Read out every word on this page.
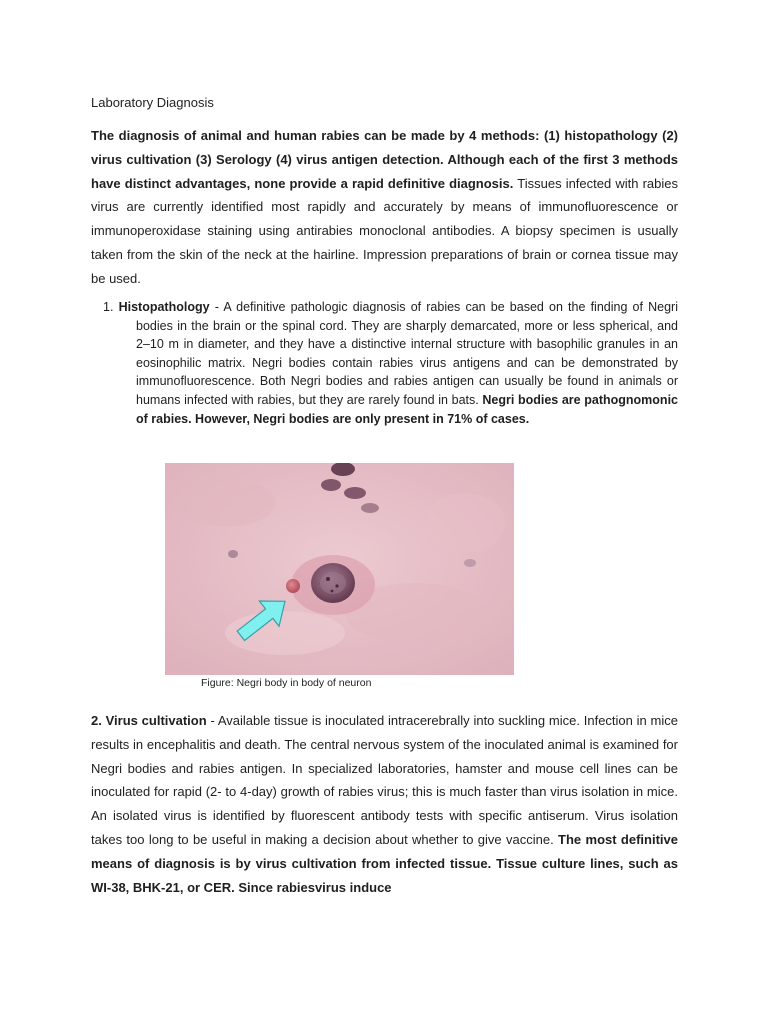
Laboratory Diagnosis
The diagnosis of animal and human rabies can be made by 4 methods: (1) histopathology (2) virus cultivation (3) Serology (4) virus antigen detection. Although each of the first 3 methods have distinct advantages, none provide a rapid definitive diagnosis. Tissues infected with rabies virus are currently identified most rapidly and accurately by means of immunofluorescence or immunoperoxidase staining using antirabies monoclonal antibodies. A biopsy specimen is usually taken from the skin of the neck at the hairline. Impression preparations of brain or cornea tissue may be used.
1. Histopathology - A definitive pathologic diagnosis of rabies can be based on the finding of Negri bodies in the brain or the spinal cord. They are sharply demarcated, more or less spherical, and 2–10 m in diameter, and they have a distinctive internal structure with basophilic granules in an eosinophilic matrix. Negri bodies contain rabies virus antigens and can be demonstrated by immunofluorescence. Both Negri bodies and rabies antigen can usually be found in animals or humans infected with rabies, but they are rarely found in bats. Negri bodies are pathognomonic of rabies. However, Negri bodies are only present in 71% of cases.
Figure: Negri body in body of neuron
2. Virus cultivation - Available tissue is inoculated intracerebrally into suckling mice. Infection in mice results in encephalitis and death. The central nervous system of the inoculated animal is examined for Negri bodies and rabies antigen. In specialized laboratories, hamster and mouse cell lines can be inoculated for rapid (2- to 4-day) growth of rabies virus; this is much faster than virus isolation in mice. An isolated virus is identified by fluorescent antibody tests with specific antiserum. Virus isolation takes too long to be useful in making a decision about whether to give vaccine. The most definitive means of diagnosis is by virus cultivation from infected tissue. Tissue culture lines, such as WI-38, BHK-21, or CER. Since rabiesvirus induce
